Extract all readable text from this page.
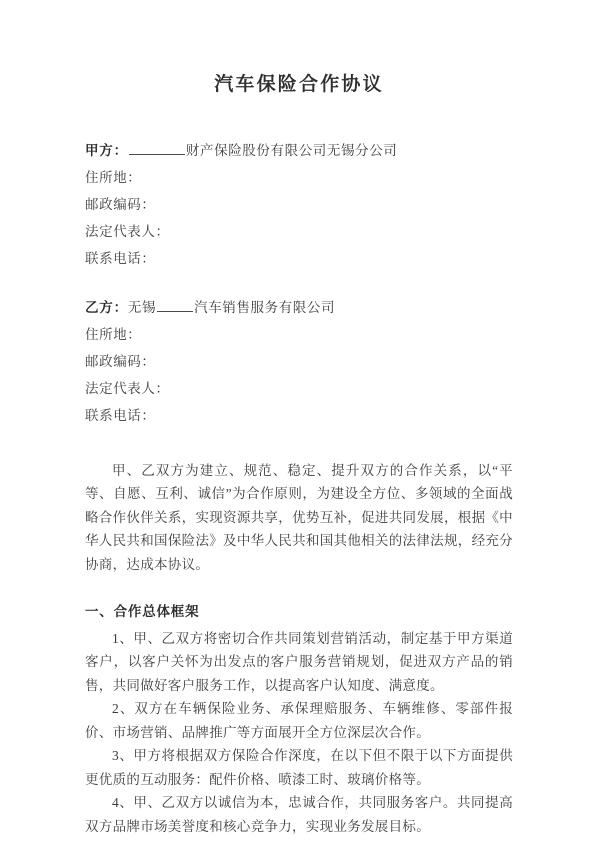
汽车保险合作协议
甲方：	财产保险股份有限公司无锡分公司
住所地：
邮政编码：
法定代表人：
联系电话：
乙方：无锡	汽车销售服务有限公司
住所地：
邮政编码：
法定代表人：
联系电话：

甲、乙双方为建立、规范、稳定、提升双方的合作关系，以“平等、自愿、互利、诚信”为合作原则，为建设全方位、多领域的全面战略合作伙伴关系，实现资源共享，优势互补，促进共同发展，根据《中华人民共和国保险法》及中华人民共和国其他相关的法律法规，经充分协商，达成本协议。

一、合作总体框架
1、甲、乙双方将密切合作共同策划营销活动，制定基于甲方渠道客户，以客户关怀为出发点的客户服务营销规划，促进双方产品的销售，共同做好客户服务工作，以提高客户认知度、满意度。
2、双方在车辆保险业务、承保理赔服务、车辆维修、零部件报价、市场营销、品牌推广等方面展开全方位深层次合作。
3、甲方将根据双方保险合作深度，在以下但不限于以下方面提供更优质的互动服务：配件价格、喷漆工时、玻璃价格等。
4、甲、乙双方以诚信为本，忠诚合作，共同服务客户。共同提高双方品牌市场美誉度和核心竞争力，实现业务发展目标。
